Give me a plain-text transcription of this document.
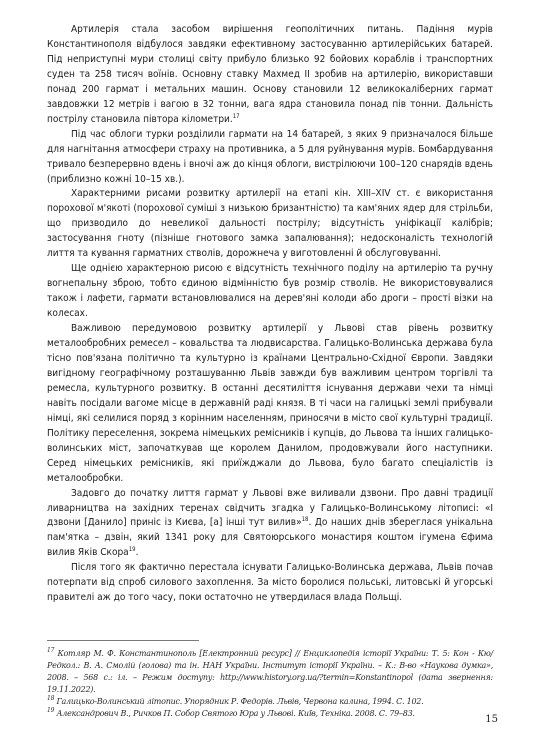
Артилерія стала засобом вирішення геополітичних питань. Падіння мурів Константинополя відбулося завдяки ефективному застосуванню артилерійських батарей. Під неприступні мури столиці світу прибуло близько 92 бойових кораблів і транспортних суден та 258 тисяч воїнів. Основну ставку Махмед ІІ зробив на артилерію, використавши понад 200 гармат і метальних машин. Основу становили 12 великокаліберних гармат завдовжки 12 метрів і вагою в 32 тонни, вага ядра становила понад пів тонни. Дальність пострілу становила півтора кілометри.$^{17}$

Під час облоги турки розділили гармати на 14 батарей, з яких 9 призначалося більше для нагнітання атмосфери страху на противника, а 5 для руйнування мурів. Бомбардування тривало безперервно вдень і вночі аж до кінця облоги, вистрілюючи 100–120 снарядів вдень (приблизно кожні 10–15 хв.).

Характерними рисами розвитку артилерії на етапі кін. XIII–XIV ст. є використання порохової м'якоті (порохової суміші з низькою бризантністю) та кам'яних ядер для стрільби, що призводило до невеликої дальності пострілу; відсутність уніфікації калібрів; застосування гноту (пізніше гнотового замка запалювання); недосконалість технологій лиття та кування гарматних стволів, дорожнеча у виготовленні й обслуговуванні.

Ще однією характерною рисою є відсутність технічного поділу на артилерію та ручну вогнепальну зброю, тобто єдиною відмінністю був розмір стволів. Не використовувалися також і лафети, гармати встановлювалися на дерев'яні колоди або дроги – прості візки на колесах.

Важливою передумовою розвитку артилерії у Львові став рівень розвитку металообробних ремесел – ковальства та людвисарства. Галицько-Волинська держава була тісно пов'язана політично та культурно із країнами Центрально-Східної Європи. Завдяки вигідному географічному розташуванню Львів завжди був важливим центром торгівлі та ремесла, культурного розвитку. В останні десятиліття існування держави чехи та німці навіть посідали вагоме місце в державній раді князя. В ті часи на галицькі землі прибували німці, які селилися поряд з корінним населенням, приносячи в місто свої культурні традиції. Політику переселення, зокрема німецьких ремісників і купців, до Львова та інших галицько-волинських міст, започаткував ще королем Данилом, продовжували його наступники. Серед німецьких ремісників, які приїжджали до Львова, було багато спеціалістів із металообробки.

Задовго до початку лиття гармат у Львові вже виливали дзвони. Про давні традиції ливарництва на західних теренах свідчить згадка у Галицько-Волинському літописі: «І дзвони [Данило] приніс із Києва, [а] інші тут вилив»$^{18}$. До наших днів збереглася унікальна пам'ятка – дзвін, який 1341 року для Святоюрського монастиря коштом ігумена Єфима вилив Яків Скора$^{19}$.

Після того як фактично перестала існувати Галицько-Волинська держава, Львів почав потерпати від спроб силового захоплення. За місто боролися польські, литовські й угорські правителі аж до того часу, поки остаточно не утвердилася влада Польщі.

$^{17}$ Котляр М. Ф. Константинополь [Електронний ресурс] // Енциклопедія історії України: Т. 5: Кон - Кю/ Редкол.: В. А. Смолій (голова) та ін. НАН України. Інститут історії України. – К.: В-во «Наукова думка», 2008. – 568 с.: іл. – Режим доступу: http://www.history.org.ua/?termin=Konstantinopol (дата звернення: 19.11.2022).

$^{18}$ Галицько-Волинський літопис. Упорядник Р. Федорів. Львів, Червона калина, 1994. С. 102.

$^{19}$ Александрович В., Ричков П. Собор Святого Юра у Львові. Київ, Техніка. 2008. С. 79–83.

15
